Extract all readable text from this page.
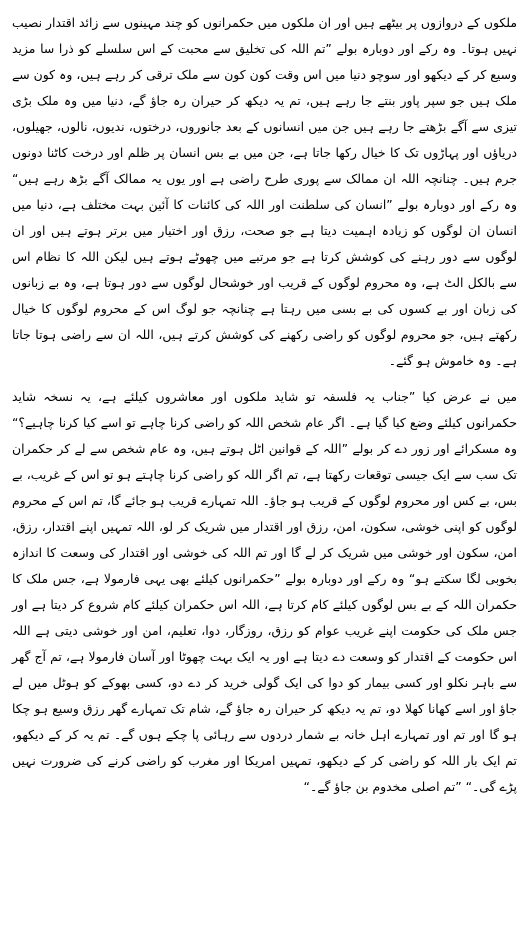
ملکوں کے دروازوں پر بیٹھے ہیں اور ان ملکوں میں حکمرانوں کو چند مہینوں سے زائد اقتدار نصیب نہیں ہوتا۔ وہ رکے اور دوبارہ بولے ”تم اللہ کی تخلیق سے محبت کے اس سلسلے کو ذرا سا مزید وسیع کر کے دیکھو اور سوچو دنیا میں اس وقت کون کون سے ملک ترقی کر رہے ہیں، وہ کون سے ملک ہیں جو سپر پاور بنتے جا رہے ہیں، تم یہ دیکھ کر حیران رہ جاؤ گے، دنیا میں وہ ملک بڑی تیزی سے آگے بڑھتے جا رہے ہیں جن میں انسانوں کے بعد جانوروں، درختوں، ندیوں، نالوں، جھیلوں، دریاؤں اور پہاڑوں تک کا خیال رکھا جاتا ہے، جن میں بے بس انسان پر ظلم اور درخت کاٹنا دونوں جرم ہیں۔ چنانچہ اللہ ان ممالک سے پوری طرح راضی ہے اور یوں یہ ممالک آگے بڑھ رہے ہیں“ وہ رکے اور دوبارہ بولے ”انسان کی سلطنت اور اللہ کی کائنات کا آئین بہت مختلف ہے، دنیا میں انسان ان لوگوں کو زیادہ اہمیت دیتا ہے جو صحت، رزق اور اختیار میں برتر ہوتے ہیں اور ان لوگوں سے دور رہنے کی کوشش کرتا ہے جو مرتبے میں چھوٹے ہوتے ہیں لیکن اللہ کا نظام اس سے بالکل الٹ ہے، وہ محروم لوگوں کے قریب اور خوشحال لوگوں سے دور ہوتا ہے، وہ بے زبانوں کی زبان اور بے کسوں کی بے بسی میں رہتا ہے چنانچہ جو لوگ اس کے محروم لوگوں کا خیال رکھتے ہیں، جو محروم لوگوں کو راضی رکھنے کی کوشش کرتے ہیں، اللہ ان سے راضی ہوتا جاتا ہے۔ وہ خاموش ہو گئے۔

میں نے عرض کیا ”جناب یہ فلسفہ تو شاید ملکوں اور معاشروں کیلئے ہے، یہ نسخہ شاید حکمرانوں کیلئے وضع کیا گیا ہے۔ اگر عام شخص اللہ کو راضی کرنا چاہے تو اسے کیا کرنا چاہیے؟“ وہ مسکرائے اور زور دے کر بولے ”اللہ کے قوانین اٹل ہوتے ہیں، وہ عام شخص سے لے کر حکمران تک سب سے ایک جیسی توقعات رکھتا ہے، تم اگر اللہ کو راضی کرنا چاہتے ہو تو اس کے غریب، بے بس، بے کس اور محروم لوگوں کے قریب ہو جاؤ۔ اللہ تمہارے قریب ہو جائے گا، تم اس کے محروم لوگوں کو اپنی خوشی، سکون، امن، رزق اور اقتدار میں شریک کر لو، اللہ تمہیں اپنے اقتدار، رزق، امن، سکون اور خوشی میں شریک کر لے گا اور تم اللہ کی خوشی اور اقتدار کی وسعت کا اندازہ بخوبی لگا سکتے ہو“ وہ رکے اور دوبارہ بولے ”حکمرانوں کیلئے بھی یہی فارمولا ہے، جس ملک کا حکمران اللہ کے بے بس لوگوں کیلئے کام کرتا ہے، اللہ اس حکمران کیلئے کام شروع کر دیتا ہے اور جس ملک کی حکومت اپنے غریب عوام کو رزق، روزگار، دوا، تعلیم، امن اور خوشی دیتی ہے اللہ اس حکومت کے اقتدار کو وسعت دے دیتا ہے اور یہ ایک بہت چھوٹا اور آسان فارمولا ہے، تم آج گھر سے باہر نکلو اور کسی بیمار کو دوا کی ایک گولی خرید کر دے دو، کسی بھوکے کو ہوٹل میں لے جاؤ اور اسے کھانا کھلا دو، تم یہ دیکھ کر حیران رہ جاؤ گے، شام تک تمہارے گھر رزق وسیع ہو چکا ہو گا اور تم اور تمہارے اہل خانہ بے شمار دردوں سے رہائی پا چکے ہوں گے۔ تم یہ کر کے دیکھو، تم ایک بار اللہ کو راضی کر کے دیکھو، تمہیں امریکا اور مغرب کو راضی کرنے کی ضرورت نہیں پڑے گی۔“ ”تم اصلی مخدوم بن جاؤ گے۔“
